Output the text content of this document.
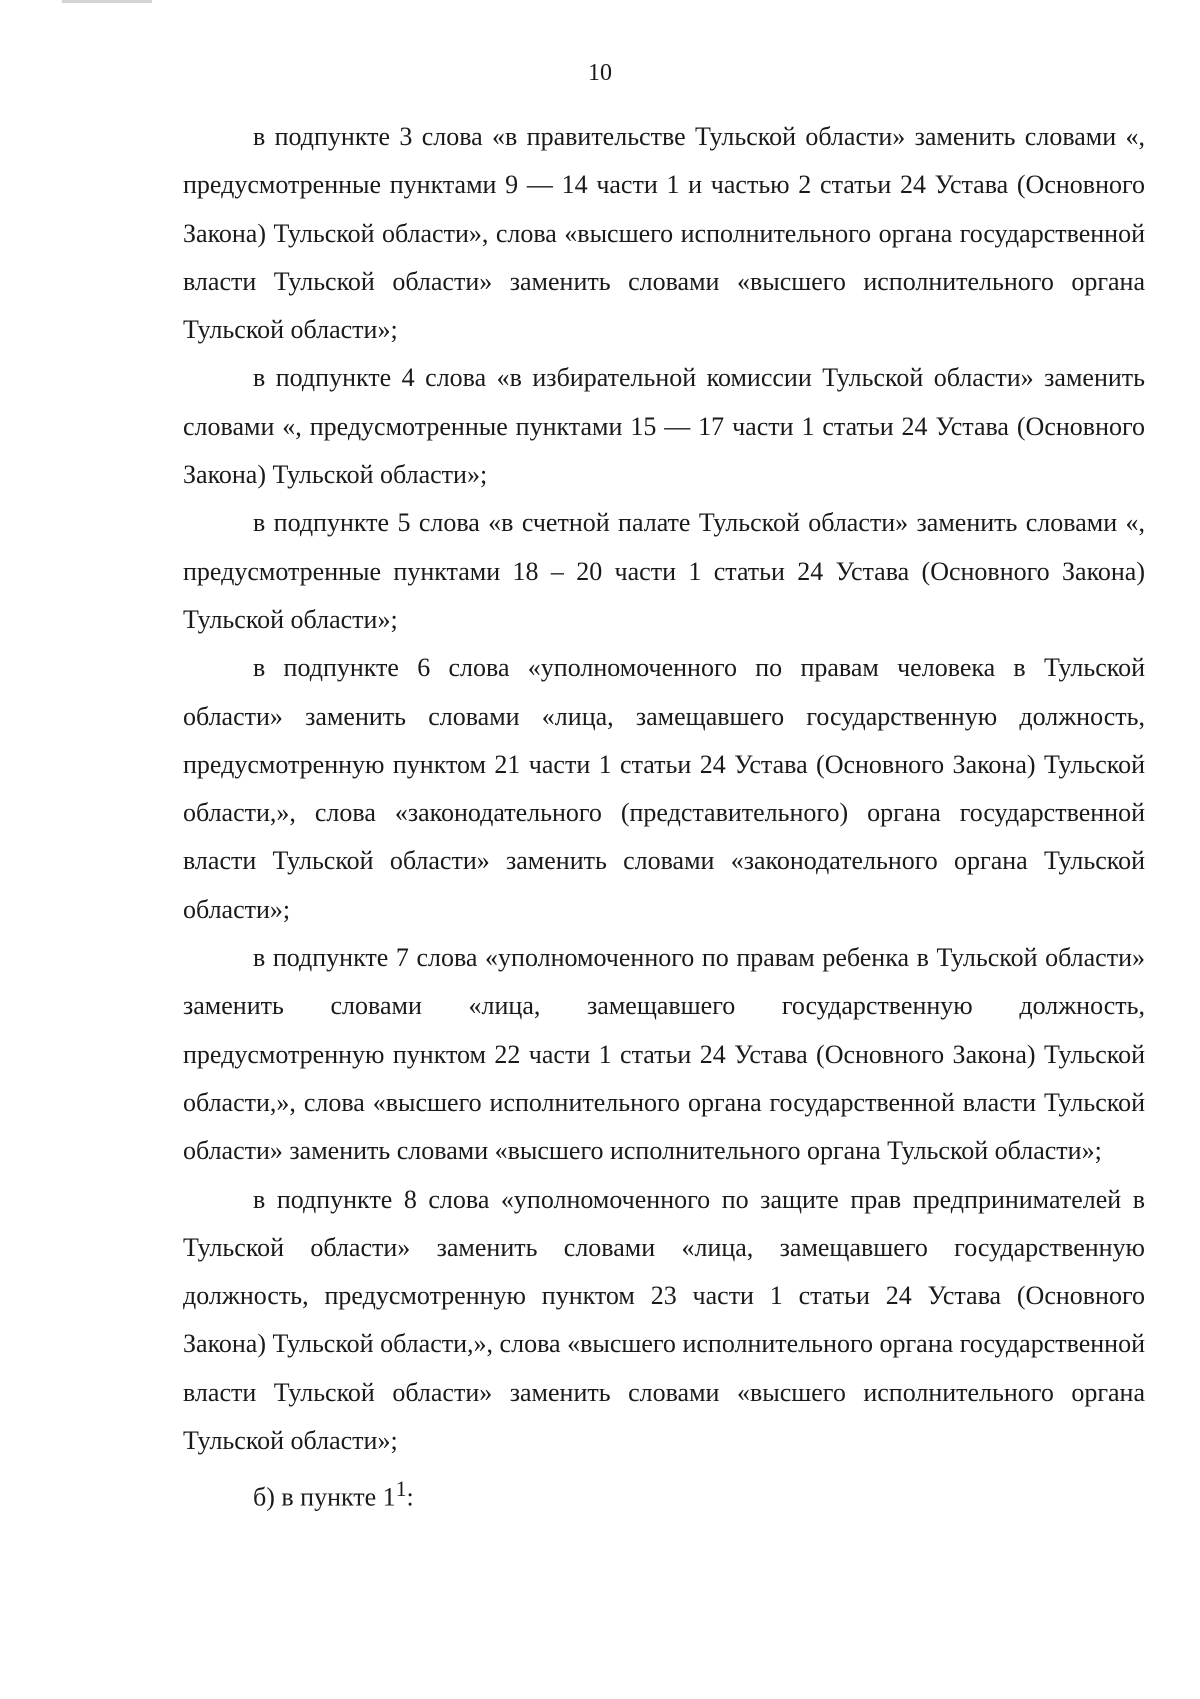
10

в подпункте 3 слова «в правительстве Тульской области» заменить словами «, предусмотренные пунктами 9 — 14 части 1 и частью 2 статьи 24 Устава (Основного Закона) Тульской области», слова «высшего исполнительного органа государственной власти Тульской области» заменить словами «высшего исполнительного органа Тульской области»;

в подпункте 4 слова «в избирательной комиссии Тульской области» заменить словами «, предусмотренные пунктами 15 — 17 части 1 статьи 24 Устава (Основного Закона) Тульской области»;

в подпункте 5 слова «в счетной палате Тульской области» заменить словами «, предусмотренные пунктами 18 – 20 части 1 статьи 24 Устава (Основного Закона) Тульской области»;

в подпункте 6 слова «уполномоченного по правам человека в Тульской области» заменить словами «лица, замещавшего государственную должность, предусмотренную пунктом 21 части 1 статьи 24 Устава (Основного Закона) Тульской области,», слова «законодательного (представительного) органа государственной власти Тульской области» заменить словами «законодательного органа Тульской области»;

в подпункте 7 слова «уполномоченного по правам ребенка в Тульской области» заменить словами «лица, замещавшего государственную должность, предусмотренную пунктом 22 части 1 статьи 24 Устава (Основного Закона) Тульской области,», слова «высшего исполнительного органа государственной власти Тульской области» заменить словами «высшего исполнительного органа Тульской области»;

в подпункте 8 слова «уполномоченного по защите прав предпринимателей в Тульской области» заменить словами «лица, замещавшего государственную должность, предусмотренную пунктом 23 части 1 статьи 24 Устава (Основного Закона) Тульской области,», слова «высшего исполнительного органа государственной власти Тульской области» заменить словами «высшего исполнительного органа Тульской области»;

б) в пункте $1^1$:
